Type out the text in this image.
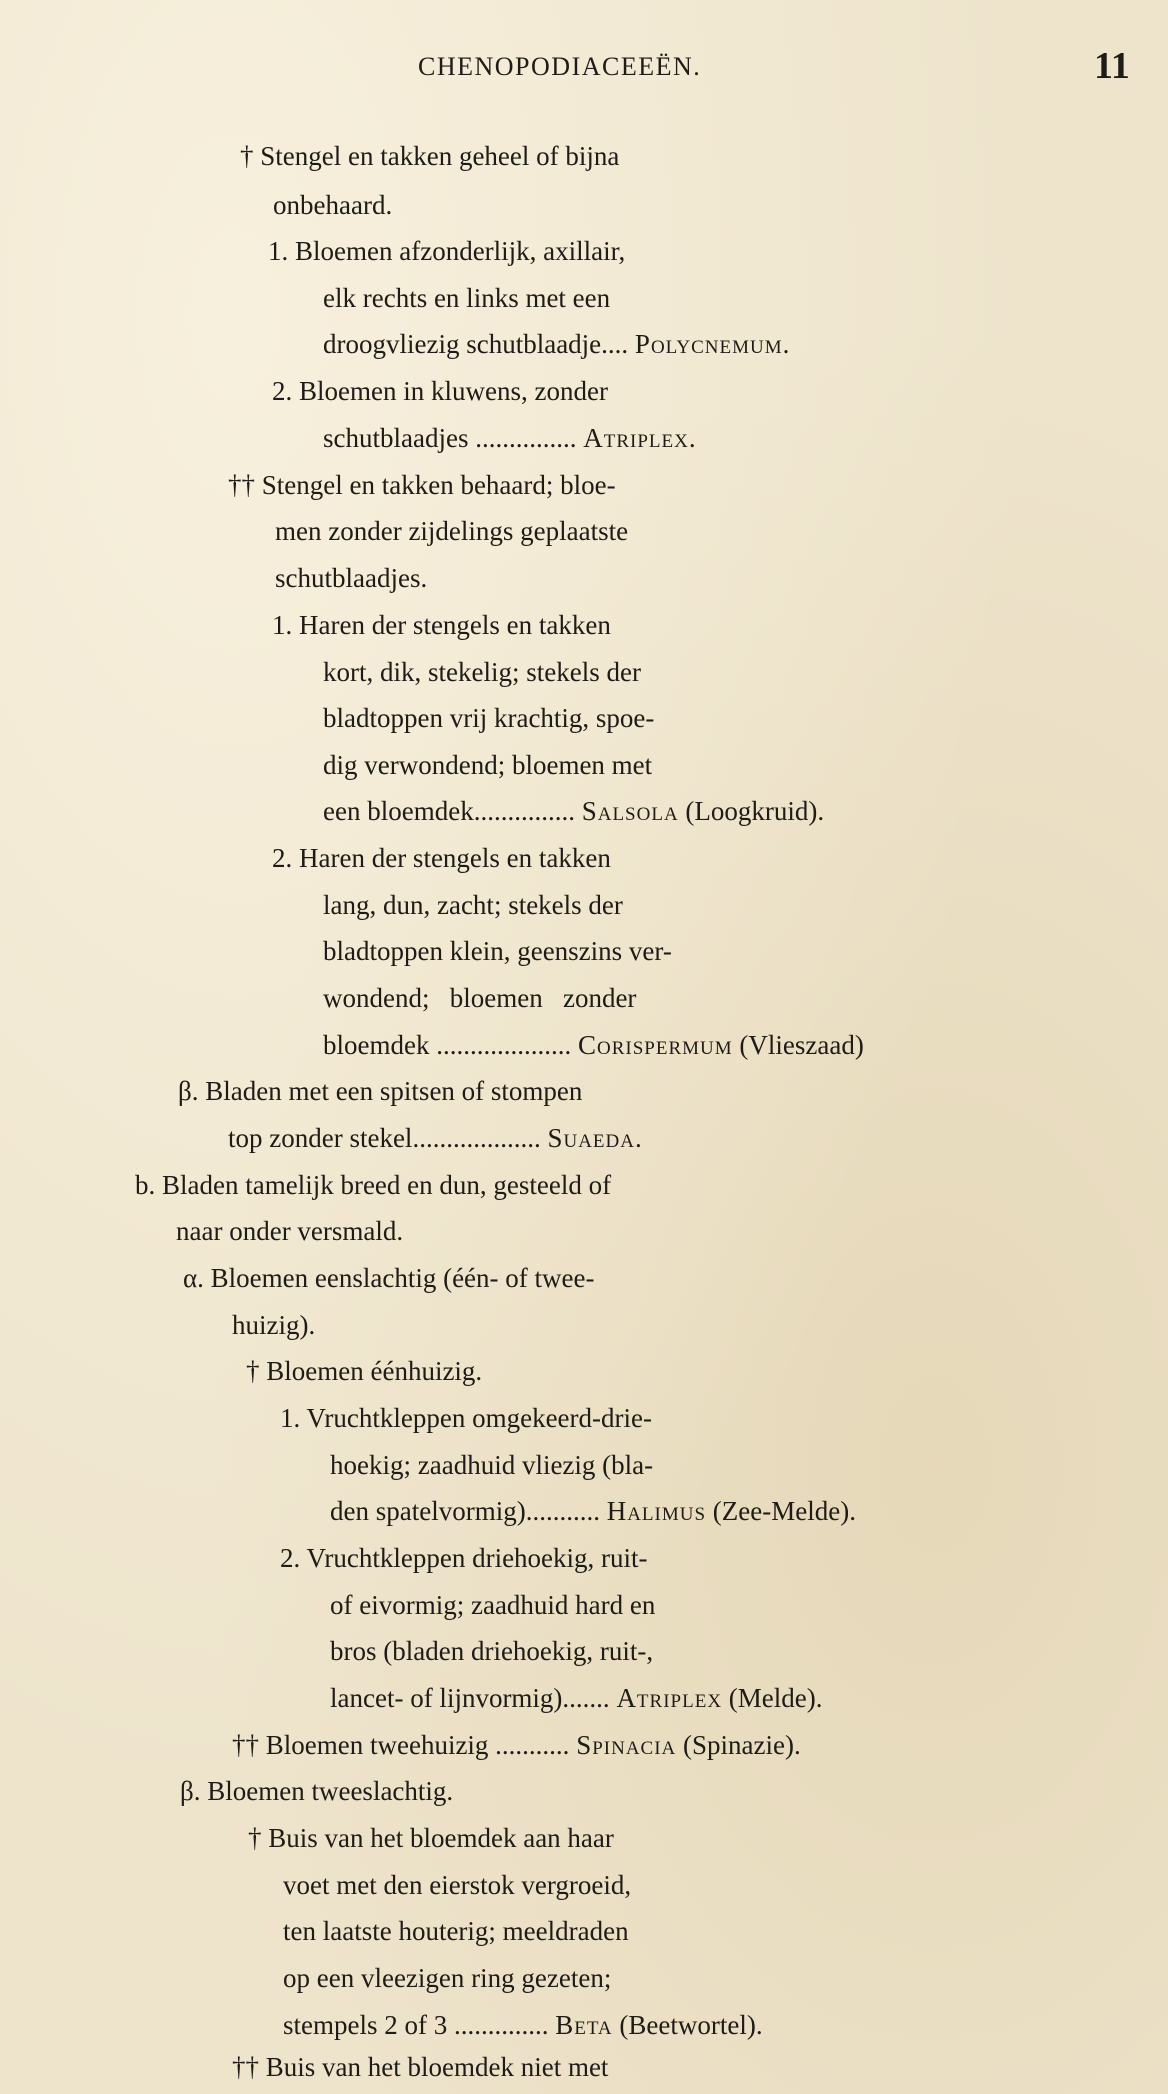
CHENOPODIACEEËN.	11
† Stengel en takken geheel of bijna
onbehaard.
1. Bloemen afzonderlijk, axillair,
elk rechts en links met een
droogvliezig schutblaadje.... Polycnemum.
2. Bloemen in kluwens, zonder
schutblaadjes ............... Atriplex.
†† Stengel en takken behaard; bloe-
men zonder zijdelings geplaatste
schutblaadjes.
1. Haren der stengels en takken
kort, dik, stekelig; stekels der
bladtoppen vrij krachtig, spoe-
dig verwondend; bloemen met
een bloemdek............... Salsola (Loogkruid).
2. Haren der stengels en takken
lang, dun, zacht; stekels der
bladtoppen klein, geenszins ver-
wondend;   bloemen   zonder
bloemdek .................... Corispermum (Vlieszaad)
β. Bladen met een spitsen of stompen
top zonder stekel................... Suaeda.
b. Bladen tamelijk breed en dun, gesteeld of
naar onder versmald.
α. Bloemen eenslachtig (één- of twee-
huizig).
† Bloemen éénhuizig.
1. Vruchtkleppen omgekeerd-drie-
hoekig; zaadhuid vliezig (bla-
den spatelvormig)........... Halimus (Zee-Melde).
2. Vruchtkleppen driehoekig, ruit-
of eivormig; zaadhuid hard en
bros (bladen driehoekig, ruit-,
lancet- of lijnvormig)....... Atriplex (Melde).
†† Bloemen tweehuizig ........... Spinacia (Spinazie).
β. Bloemen tweeslachtig.
† Buis van het bloemdek aan haar
voet met den eierstok vergroeid,
ten laatste houterig; meeldraden
op een vleezigen ring gezeten;
stempels 2 of 3 .............. Beta (Beetwortel).
†† Buis van het bloemdek niet met
